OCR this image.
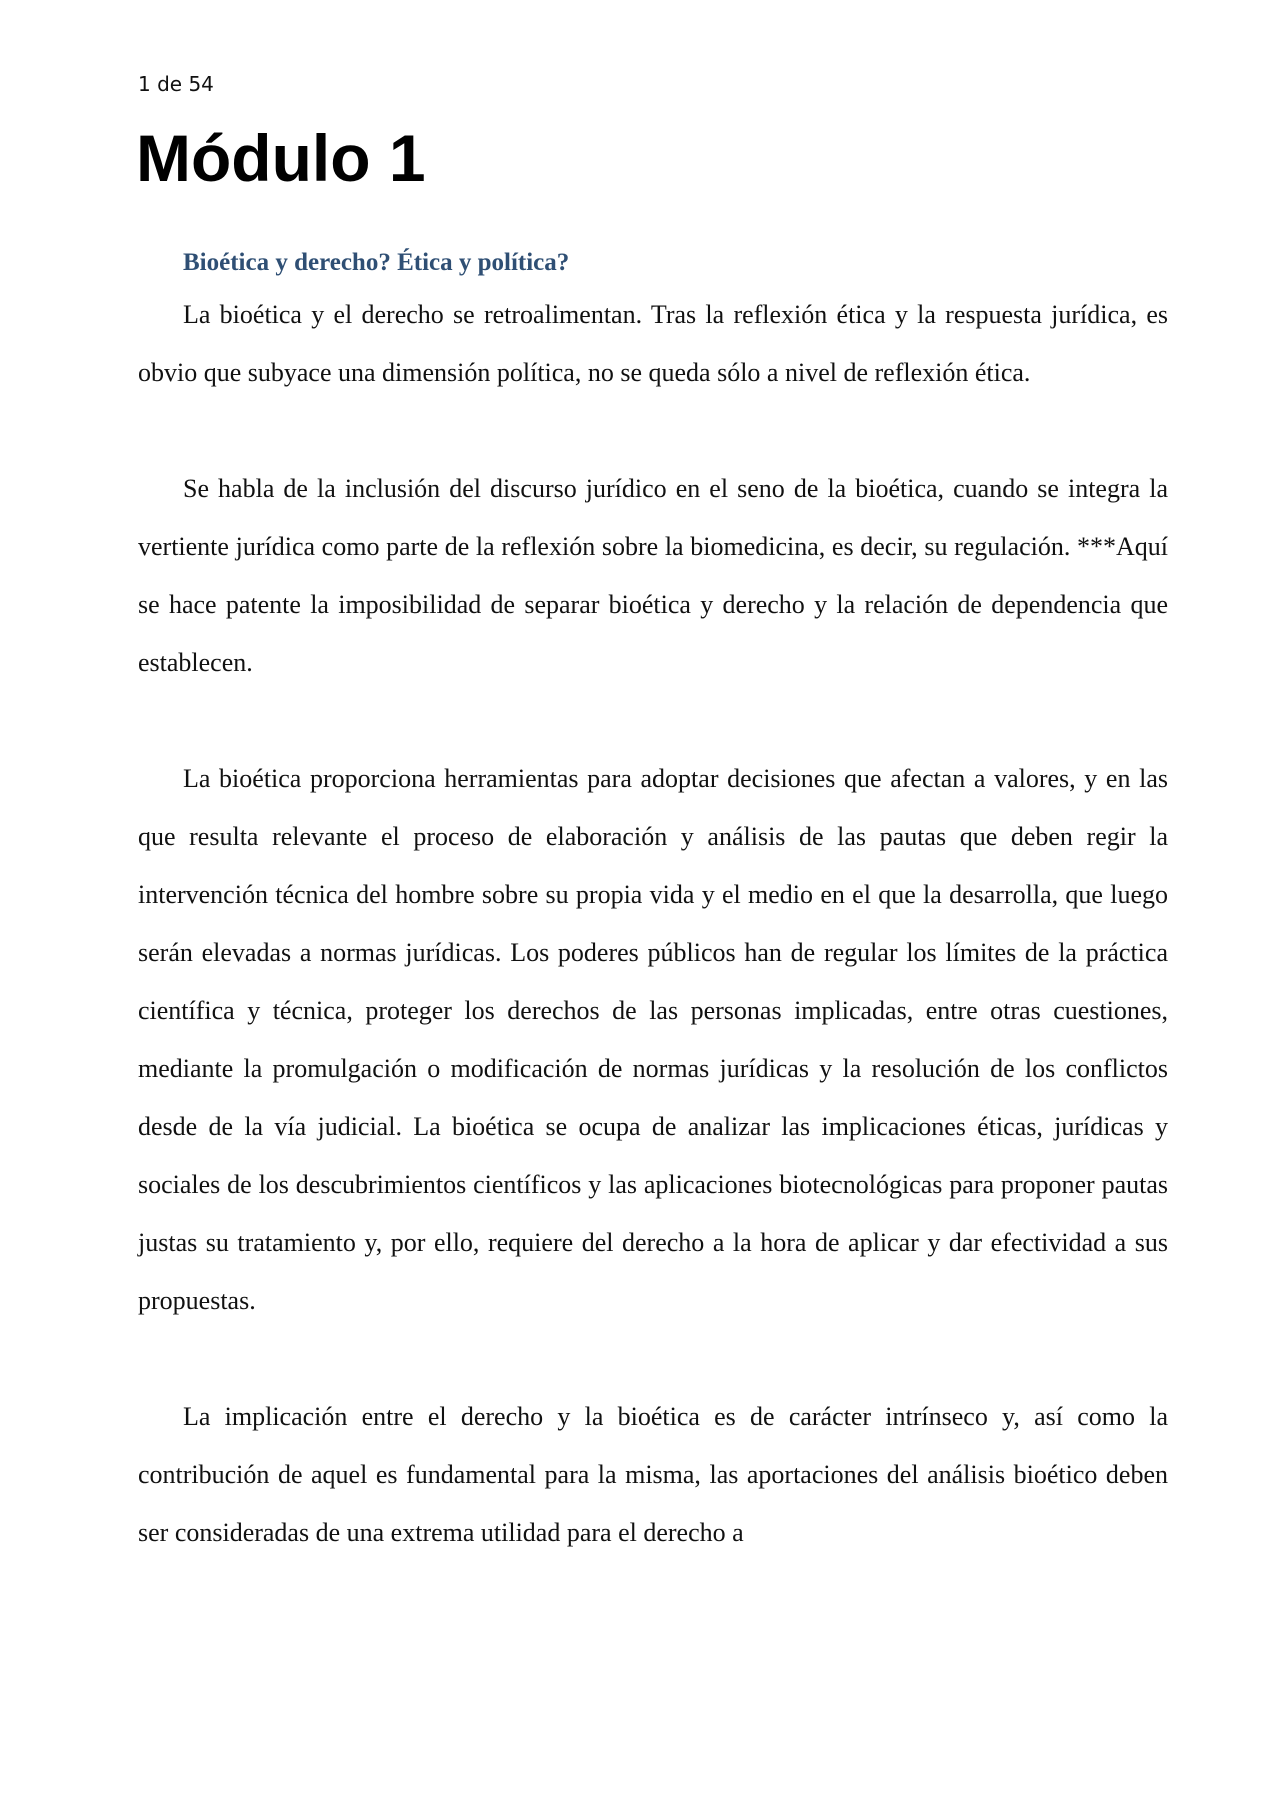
1 de 54

Módulo 1
Bioética y derecho? Ética y política?

La bioética y el derecho se retroalimentan. Tras la reflexión ética y la respuesta jurídica, es obvio que subyace una dimensión política, no se queda sólo a nivel de reflexión ética.

Se habla de la inclusión del discurso jurídico en el seno de la bioética, cuando se integra la vertiente jurídica como parte de la reflexión sobre la biomedicina, es decir, su regulación. ***Aquí se hace patente la imposibilidad de separar bioética y derecho y la relación de dependencia que establecen.

La bioética proporciona herramientas para adoptar decisiones que afectan a valores, y en las que resulta relevante el proceso de elaboración y análisis de las pautas que deben regir la intervención técnica del hombre sobre su propia vida y el medio en el que la desarrolla, que luego serán elevadas a normas jurídicas. Los poderes públicos han de regular los límites de la práctica científica y técnica, proteger los derechos de las personas implicadas, entre otras cuestiones, mediante la promulgación o modificación de normas jurídicas y la resolución de los conflictos desde de la vía judicial. La bioética se ocupa de analizar las implicaciones éticas, jurídicas y sociales de los descubrimientos científicos y las aplicaciones biotecnológicas para proponer pautas justas su tratamiento y, por ello, requiere del derecho a la hora de aplicar y dar efectividad a sus propuestas.

La implicación entre el derecho y la bioética es de carácter intrínseco y, así como la contribución de aquel es fundamental para la misma, las aportaciones del análisis bioético deben ser consideradas de una extrema utilidad para el derecho a
